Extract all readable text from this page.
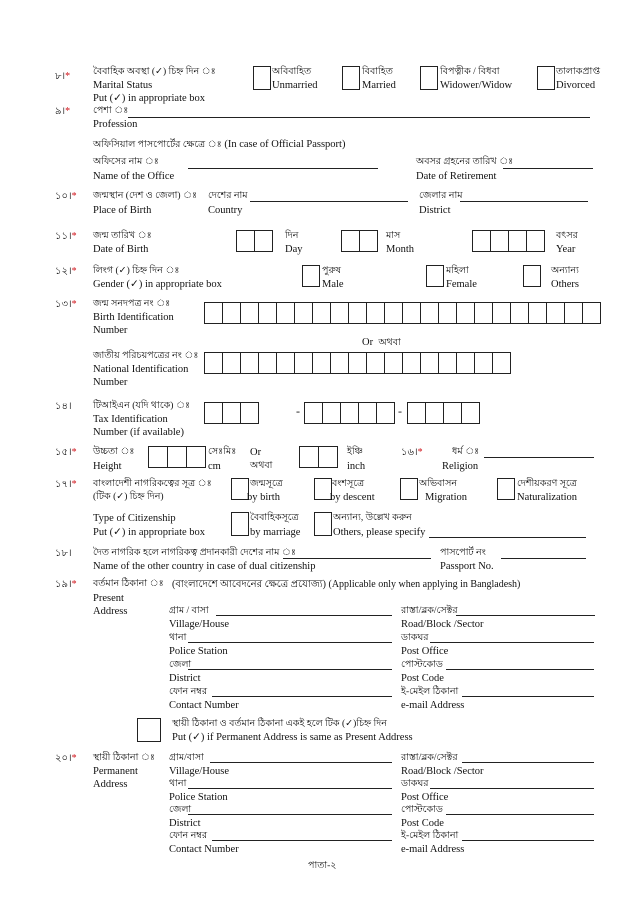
৮।* বৈবাহিক অবস্থা (✓) চিহ্ন দিন ঃ
Marital Status
Put (✓) in appropriate box
অবিবাহিত
Unmarried
বিবাহিত
Married
বিপত্নীক / বিধবা
Widower/Widow
তালাকপ্রাপ্ত
Divorced
৯।* পেশা ঃ
Profession
অফিসিয়াল পাসপোর্টের ক্ষেত্রে ঃ (In case of Official Passport)
অফিসের নাম ঃ
Name of the Office
অবসর গ্রহনের তারিখ ঃ
Date of Retirement
১০।* জন্মস্থান (দেশ ও জেলা) ঃ
Place of Birth
দেশের নাম
Country
জেলার নাম
District
১১।* জন্ম তারিখ ঃ
Date of Birth
দিন
Day
মাস
Month
বৎসর
Year
১২।* লিংগ (✓) চিহ্ন দিন ঃ
Gender (✓) in appropriate box
পুরুষ
Male
মহিলা
Female
অন্যান্য
Others
১৩।* জন্ম সনদপত্র নং ঃ
Birth Identification
Number
Or অথবা
জাতীয় পরিচয়পত্রের নং ঃ
National Identification
Number
১৪। টিআইএন (যদি থাকে) ঃ
Tax Identification
Number (if available)
-	-
১৫।* উচ্চতা ঃ
Height
সেঃমিঃ
cm
Or
অথবা
ইঞ্চি
inch
১৬।*	ধর্ম ঃ
Religion
১৭।* বাংলাদেশী নাগরিকত্বের সূত্র ঃ
(টিক (✓) চিহ্ন দিন)
জন্মসূত্রে
by birth
বংশসূত্রে
by descent
অভিবাসন
Migration
দেশীয়করণ সূত্রে
Naturalization
Type of Citizenship
Put (✓) in appropriate box
বৈবাহিকসূত্রে
by marriage
অন্যান্য, উল্লেখ করুন
Others, please specify
১৮। দৈত নাগরিক হলে নাগরিকত্ব প্রদানকারী দেশের নাম ঃ
Name of the other country in case of dual citizenship
পাসপোর্ট নং
Passport No.
১৯।* বর্তমান ঠিকানা ঃ
Present
Address
(বাংলাদেশে আবেদনের ক্ষেত্রে প্রযোজ্য) (Applicable only when applying in Bangladesh)
গ্রাম / বাসা
Village/House
রাস্তা/ব্লক/সেক্টর
Road/Block /Sector
থানা
Police Station
ডাকঘর
Post Office
জেলা
District
পোস্টকোড
Post Code
ফোন নম্বর
Contact Number
ই-মেইল ঠিকানা
e-mail Address
স্থায়ী ঠিকানা ও বর্তমান ঠিকানা একই হলে টিক (✓)চিহ্ন দিন
Put (✓) if Permanent Address is same as Present Address
২০।* স্থায়ী ঠিকানা ঃ
Permanent
Address
গ্রাম/বাসা
Village/House
রাস্তা/ব্লক/সেক্টর
Road/Block /Sector
থানা
Police Station
ডাকঘর
Post Office
জেলা
District
পোস্টকোড
Post Code
ফোন নম্বর
Contact Number
ই-মেইল ঠিকানা
e-mail Address
পাতা-২
